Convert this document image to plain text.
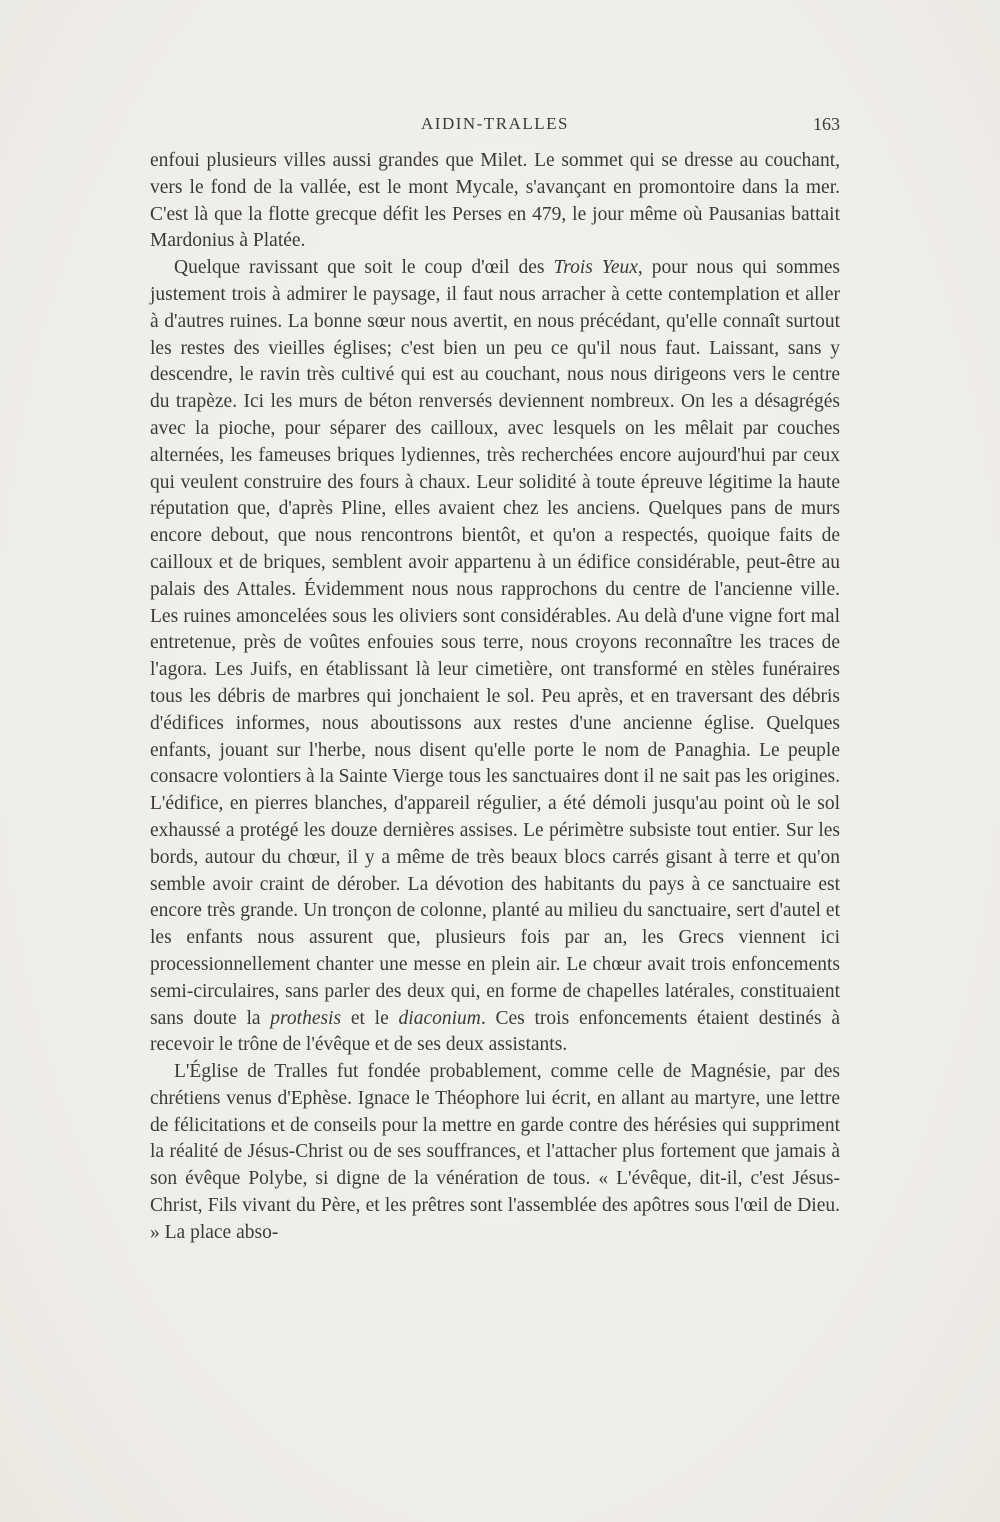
AIDIN-TRALLES	163

enfoui plusieurs villes aussi grandes que Milet. Le sommet qui se dresse au couchant, vers le fond de la vallée, est le mont Mycale, s'avançant en promontoire dans la mer. C'est là que la flotte grecque défit les Perses en 479, le jour même où Pausanias battait Mardonius à Platée.

Quelque ravissant que soit le coup d'œil des Trois Yeux, pour nous qui sommes justement trois à admirer le paysage, il faut nous arracher à cette contemplation et aller à d'autres ruines. La bonne sœur nous avertit, en nous précédant, qu'elle connaît surtout les restes des vieilles églises; c'est bien un peu ce qu'il nous faut. Laissant, sans y descendre, le ravin très cultivé qui est au couchant, nous nous dirigeons vers le centre du trapèze. Ici les murs de béton renversés deviennent nombreux. On les a désagrégés avec la pioche, pour séparer des cailloux, avec lesquels on les mêlait par couches alternées, les fameuses briques lydiennes, très recherchées encore aujourd'hui par ceux qui veulent construire des fours à chaux. Leur solidité à toute épreuve légitime la haute réputation que, d'après Pline, elles avaient chez les anciens. Quelques pans de murs encore debout, que nous rencontrons bientôt, et qu'on a respectés, quoique faits de cailloux et de briques, semblent avoir appartenu à un édifice considérable, peut-être au palais des Attales. Évidemment nous nous rapprochons du centre de l'ancienne ville. Les ruines amoncelées sous les oliviers sont considérables. Au delà d'une vigne fort mal entretenue, près de voûtes enfouies sous terre, nous croyons reconnaître les traces de l'agora. Les Juifs, en établissant là leur cimetière, ont transformé en stèles funéraires tous les débris de marbres qui jonchaient le sol. Peu après, et en traversant des débris d'édifices informes, nous aboutissons aux restes d'une ancienne église. Quelques enfants, jouant sur l'herbe, nous disent qu'elle porte le nom de Panaghia. Le peuple consacre volontiers à la Sainte Vierge tous les sanctuaires dont il ne sait pas les origines. L'édifice, en pierres blanches, d'appareil régulier, a été démoli jusqu'au point où le sol exhaussé a protégé les douze dernières assises. Le périmètre subsiste tout entier. Sur les bords, autour du chœur, il y a même de très beaux blocs carrés gisant à terre et qu'on semble avoir craint de dérober. La dévotion des habitants du pays à ce sanctuaire est encore très grande. Un tronçon de colonne, planté au milieu du sanctuaire, sert d'autel et les enfants nous assurent que, plusieurs fois par an, les Grecs viennent ici processionnellement chanter une messe en plein air. Le chœur avait trois enfoncements semi-circulaires, sans parler des deux qui, en forme de chapelles latérales, constituaient sans doute la prothesis et le diaconium. Ces trois enfoncements étaient destinés à recevoir le trône de l'évêque et de ses deux assistants.

L'Église de Tralles fut fondée probablement, comme celle de Magnésie, par des chrétiens venus d'Ephèse. Ignace le Théophore lui écrit, en allant au martyre, une lettre de félicitations et de conseils pour la mettre en garde contre des hérésies qui suppriment la réalité de Jésus-Christ ou de ses souffrances, et l'attacher plus fortement que jamais à son évêque Polybe, si digne de la vénération de tous. « L'évêque, dit-il, c'est Jésus-Christ, Fils vivant du Père, et les prêtres sont l'assemblée des apôtres sous l'œil de Dieu. » La place abso-
